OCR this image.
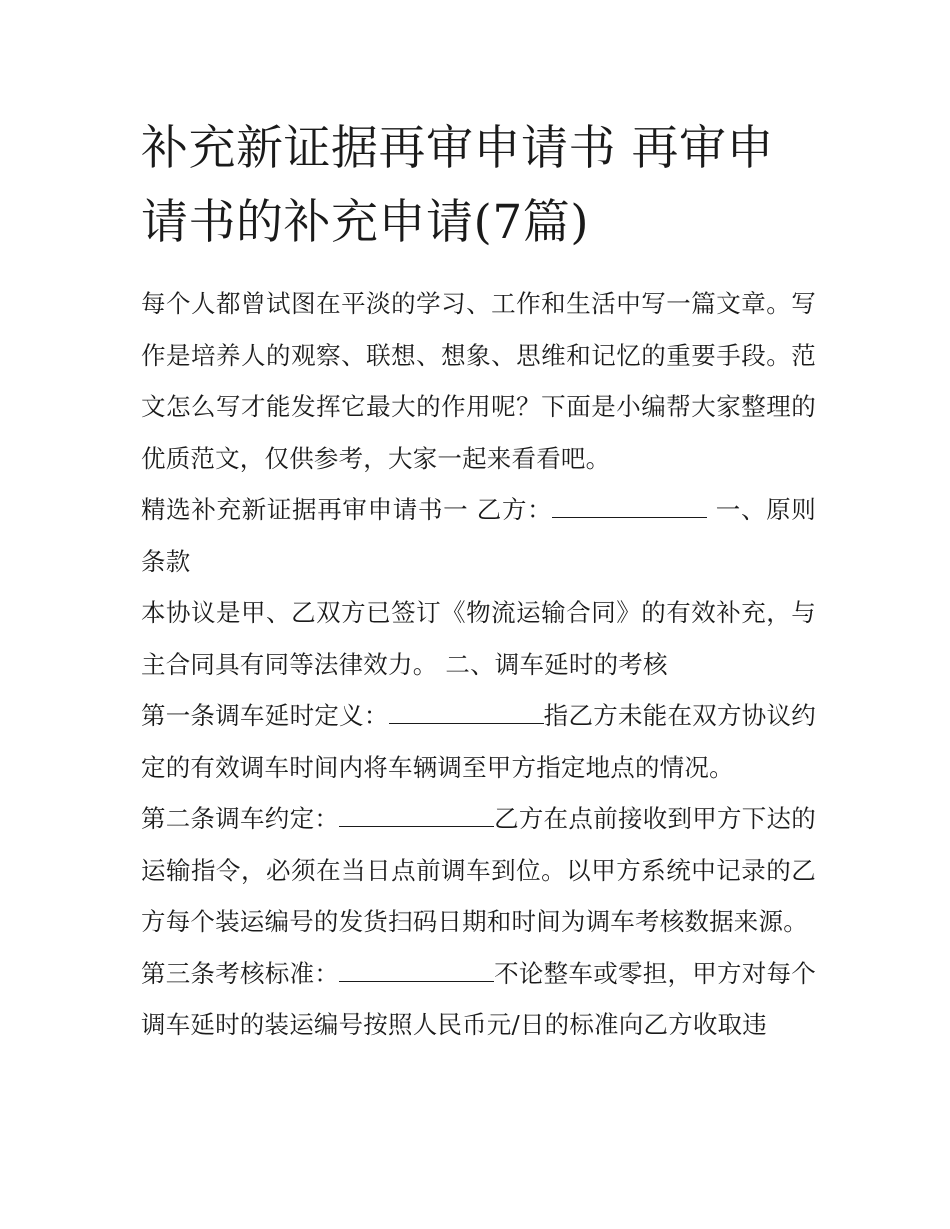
补充新证据再审申请书 再审申请书的补充申请(7篇)

每个人都曾试图在平淡的学习、工作和生活中写一篇文章。写作是培养人的观察、联想、想象、思维和记忆的重要手段。范文怎么写才能发挥它最大的作用呢？下面是小编帮大家整理的优质范文，仅供参考，大家一起来看看吧。

精选补充新证据再审申请书一 乙方：	一、原则条款

本协议是甲、乙双方已签订《物流运输合同》的有效补充，与主合同具有同等法律效力。 二、调车延时的考核

第一条调车延时定义：	指乙方未能在双方协议约定的有效调车时间内将车辆调至甲方指定地点的情况。

第二条调车约定：	乙方在点前接收到甲方下达的运输指令，必须在当日点前调车到位。以甲方系统中记录的乙方每个装运编号的发货扫码日期和时间为调车考核数据来源。

第三条考核标准：	不论整车或零担，甲方对每个调车延时的装运编号按照人民币元/日的标准向乙方收取违
